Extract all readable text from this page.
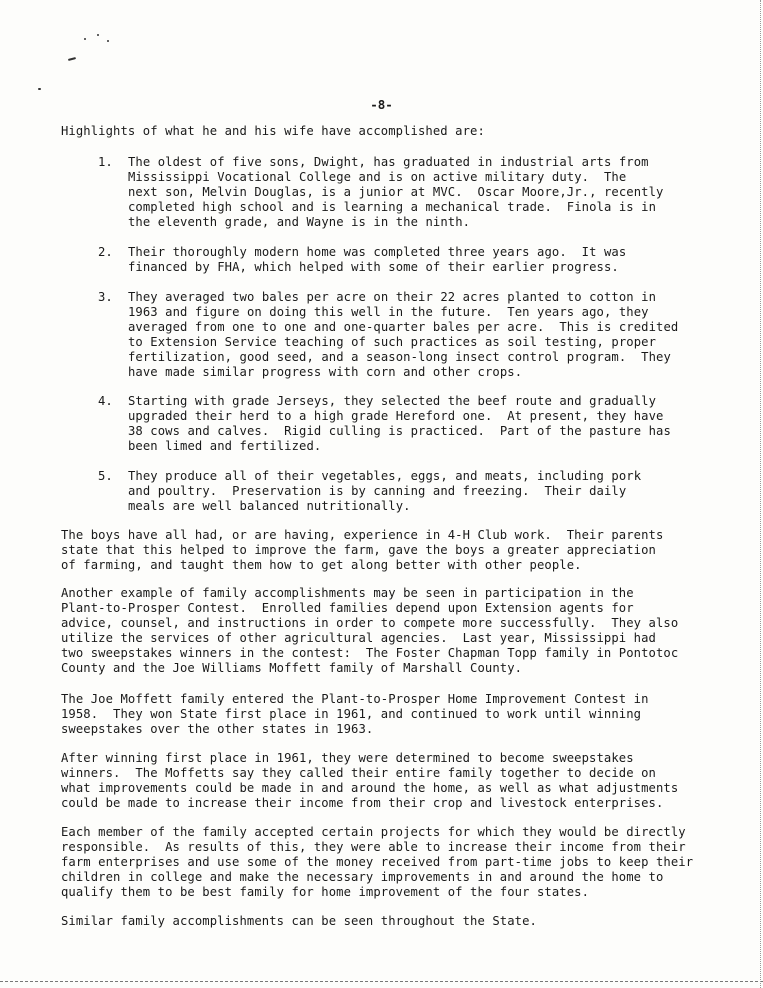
-8-
Highlights of what he and his wife have accomplished are:
1. The oldest of five sons, Dwight, has graduated in industrial arts from
Mississippi Vocational College and is on active military duty.  The
next son, Melvin Douglas, is a junior at MVC.  Oscar Moore,Jr., recently
completed high school and is learning a mechanical trade.  Finola is in
the eleventh grade, and Wayne is in the ninth.
2. Their thoroughly modern home was completed three years ago.  It was
financed by FHA, which helped with some of their earlier progress.
3. They averaged two bales per acre on their 22 acres planted to cotton in
1963 and figure on doing this well in the future.  Ten years ago, they
averaged from one to one and one-quarter bales per acre.  This is credited
to Extension Service teaching of such practices as soil testing, proper
fertilization, good seed, and a season-long insect control program.  They
have made similar progress with corn and other crops.
4. Starting with grade Jerseys, they selected the beef route and gradually
upgraded their herd to a high grade Hereford one.  At present, they have
38 cows and calves.  Rigid culling is practiced.  Part of the pasture has
been limed and fertilized.
5. They produce all of their vegetables, eggs, and meats, including pork
and poultry.  Preservation is by canning and freezing.  Their daily
meals are well balanced nutritionally.
The boys have all had, or are having, experience in 4-H Club work.  Their parents
state that this helped to improve the farm, gave the boys a greater appreciation
of farming, and taught them how to get along better with other people.
Another example of family accomplishments may be seen in participation in the
Plant-to-Prosper Contest.  Enrolled families depend upon Extension agents for
advice, counsel, and instructions in order to compete more successfully.  They also
utilize the services of other agricultural agencies.  Last year, Mississippi had
two sweepstakes winners in the contest:  The Foster Chapman Topp family in Pontotoc
County and the Joe Williams Moffett family of Marshall County.
The Joe Moffett family entered the Plant-to-Prosper Home Improvement Contest in
1958.  They won State first place in 1961, and continued to work until winning
sweepstakes over the other states in 1963.
After winning first place in 1961, they were determined to become sweepstakes
winners.  The Moffetts say they called their entire family together to decide on
what improvements could be made in and around the home, as well as what adjustments
could be made to increase their income from their crop and livestock enterprises.
Each member of the family accepted certain projects for which they would be directly
responsible.  As results of this, they were able to increase their income from their
farm enterprises and use some of the money received from part-time jobs to keep their
children in college and make the necessary improvements in and around the home to
qualify them to be best family for home improvement of the four states.
Similar family accomplishments can be seen throughout the State.
